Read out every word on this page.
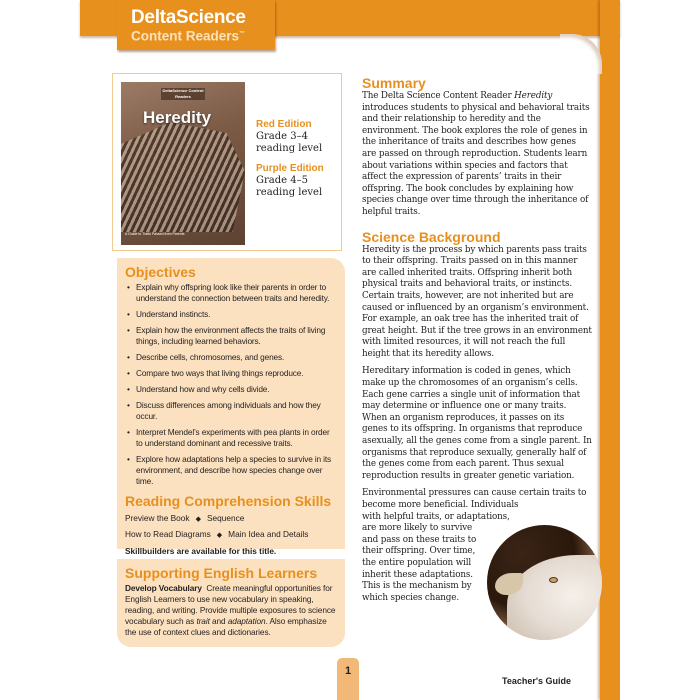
DeltaScience
Content Readers™
DeltaScience Content Readers
Heredity
A Guide to Traits Passed from Parents
Red Edition
Grade 3–4
reading level
Purple Edition
Grade 4–5
reading level
Objectives
• Explain why offspring look like their parents in order to understand the connection between traits and heredity.
• Understand instincts.
• Explain how the environment affects the traits of living things, including learned behaviors.
• Describe cells, chromosomes, and genes.
• Compare two ways that living things reproduce.
• Understand how and why cells divide.
• Discuss differences among individuals and how they occur.
• Interpret Mendel’s experiments with pea plants in order to understand dominant and recessive traits.
• Explore how adaptations help a species to survive in its environment, and describe how species change over time.
Reading Comprehension Skills
Preview the Book ◆ Sequence
How to Read Diagrams ◆ Main Idea and Details
Skillbuilders are available for this title.
Supporting English Learners
Develop Vocabulary Create meaningful opportunities for English Learners to use new vocabulary in speaking, reading, and writing. Provide multiple exposures to science vocabulary such as trait and adaptation. Also emphasize the use of context clues and dictionaries.
Summary

The Delta Science Content Reader Heredity introduces students to physical and behavioral traits and their relationship to heredity and the environment. The book explores the role of genes in the inheritance of traits and describes how genes are passed on through reproduction. Students learn about variations within species and factors that affect the expression of parents’ traits in their offspring. The book concludes by explaining how species change over time through the inheritance of helpful traits.

Science Background

Heredity is the process by which parents pass traits to their offspring. Traits passed on in this manner are called inherited traits. Offspring inherit both physical traits and behavioral traits, or instincts. Certain traits, however, are not inherited but are caused or influenced by an organism’s environment. For example, an oak tree has the inherited trait of great height. But if the tree grows in an environment with limited resources, it will not reach the full height that its heredity allows.

Hereditary information is coded in genes, which make up the chromosomes of an organism’s cells. Each gene carries a single unit of information that may determine or influence one or many traits. When an organism reproduces, it passes on its genes to its offspring. In organisms that reproduce asexually, all the genes come from a single parent. In organisms that reproduce sexually, generally half of the genes come from each parent. Thus sexual reproduction results in greater genetic variation.

Environmental pressures can cause certain traits to become more beneficial. Individuals

with helpful traits, or adaptations,
are more likely to survive
and pass on these traits to
their offspring. Over time,
the entire population will
inherit these adaptations.
This is the mechanism by
which species change.
1
Teacher's Guide
